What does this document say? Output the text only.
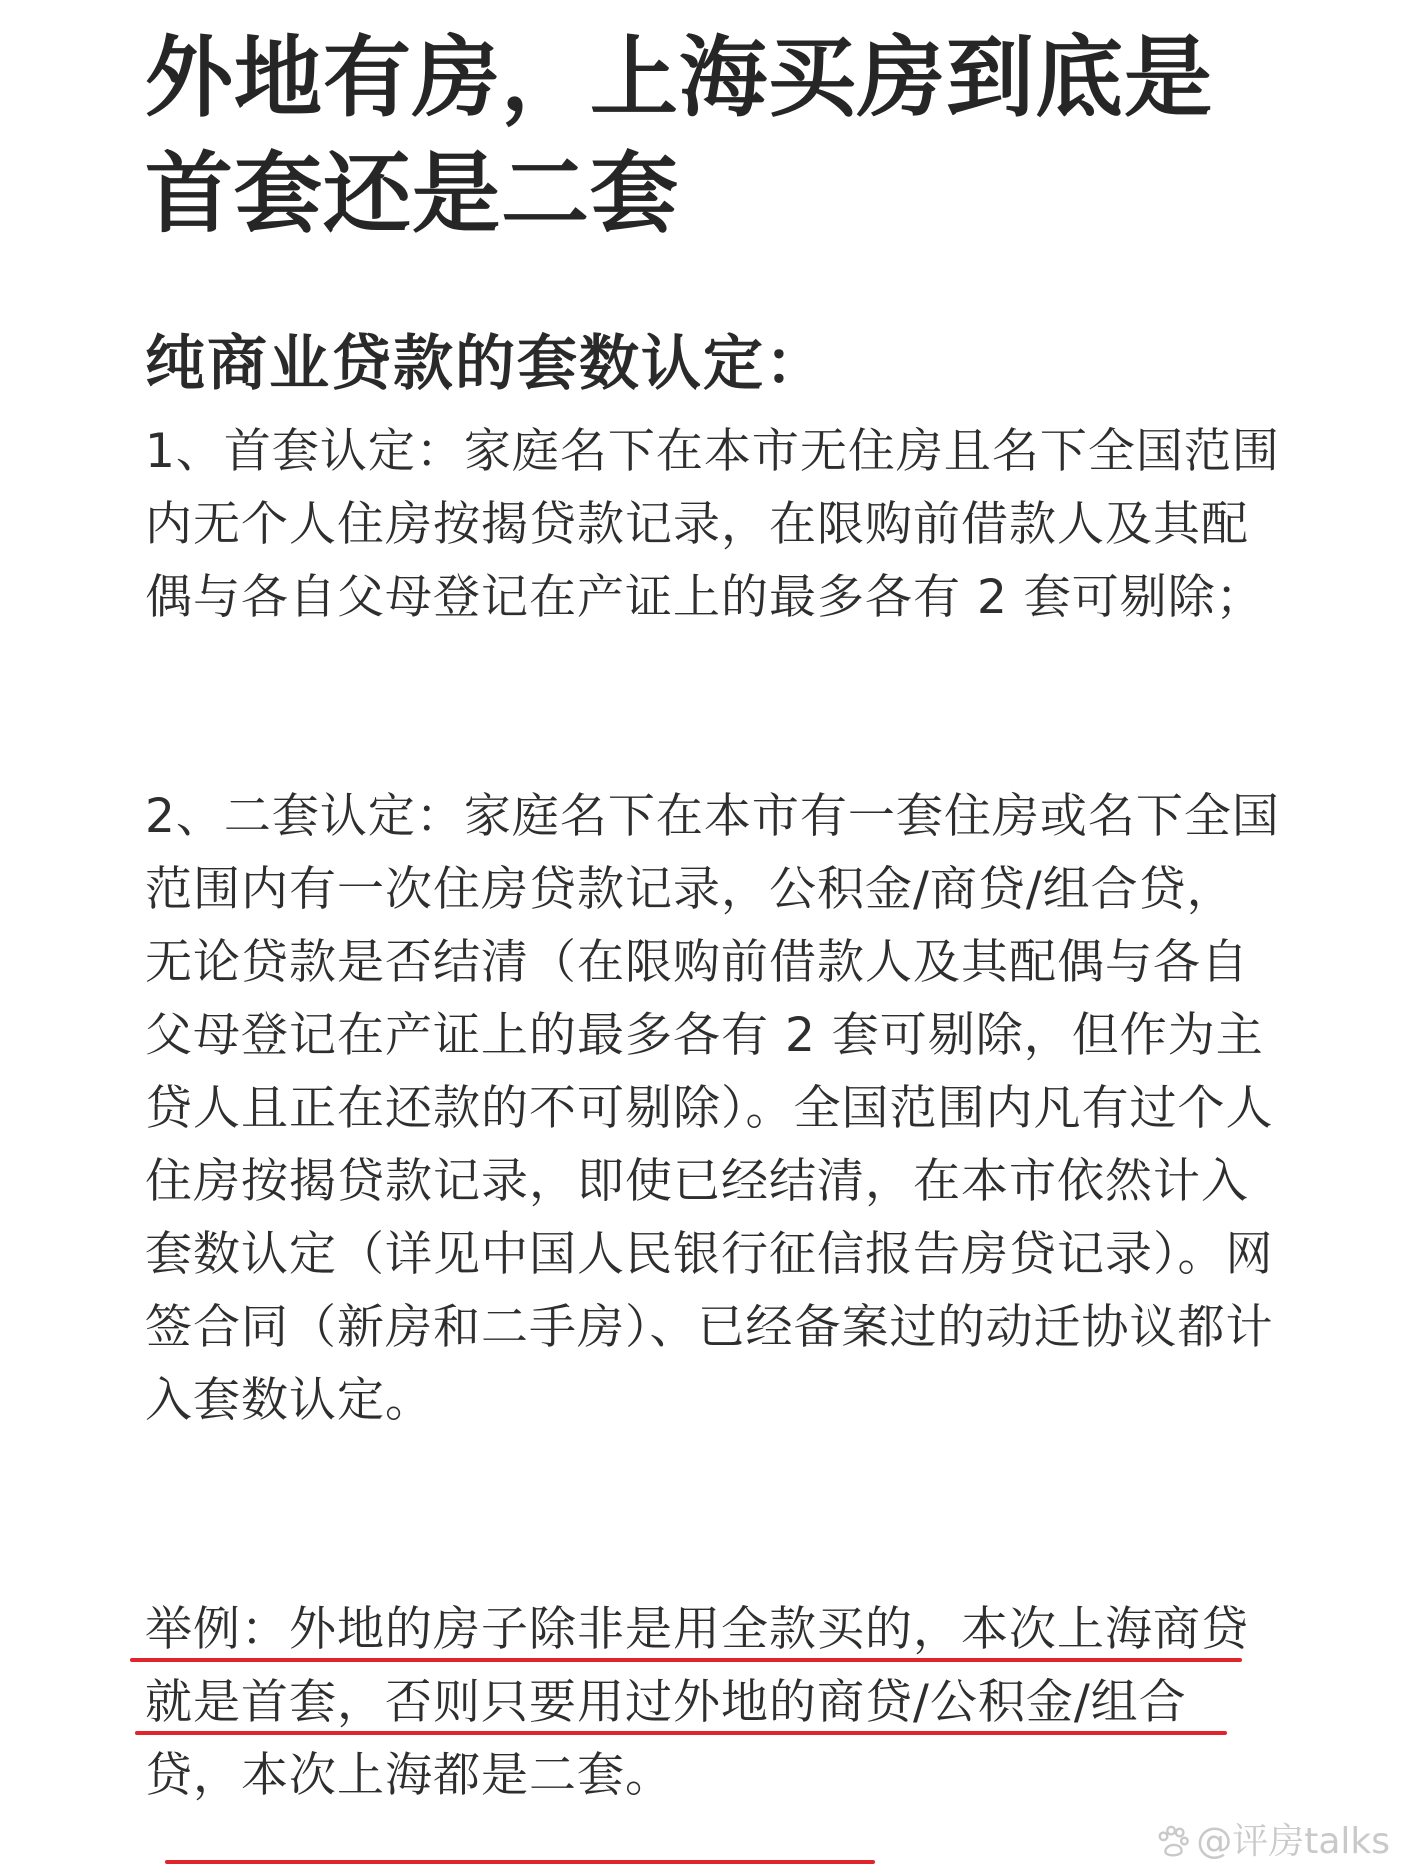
外地有房，上海买房到底是首套还是二套
纯商业贷款的套数认定：

1、首套认定：家庭名下在本市无住房且名下全国范围内无个人住房按揭贷款记录，在限购前借款人及其配偶与各自父母登记在产证上的最多各有 2 套可剔除；

2、二套认定：家庭名下在本市有一套住房或名下全国范围内有一次住房贷款记录，公积金/商贷/组合贷，无论贷款是否结清（在限购前借款人及其配偶与各自父母登记在产证上的最多各有 2 套可剔除，但作为主贷人且正在还款的不可剔除）。全国范围内凡有过个人住房按揭贷款记录，即使已经结清，在本市依然计入套数认定（详见中国人民银行征信报告房贷记录）。网签合同（新房和二手房）、已经备案过的动迁协议都计入套数认定。

举例：外地的房子除非是用全款买的，本次上海商贷就是首套，否则只要用过外地的商贷/公积金/组合贷，本次上海都是二套。

@评房talks
